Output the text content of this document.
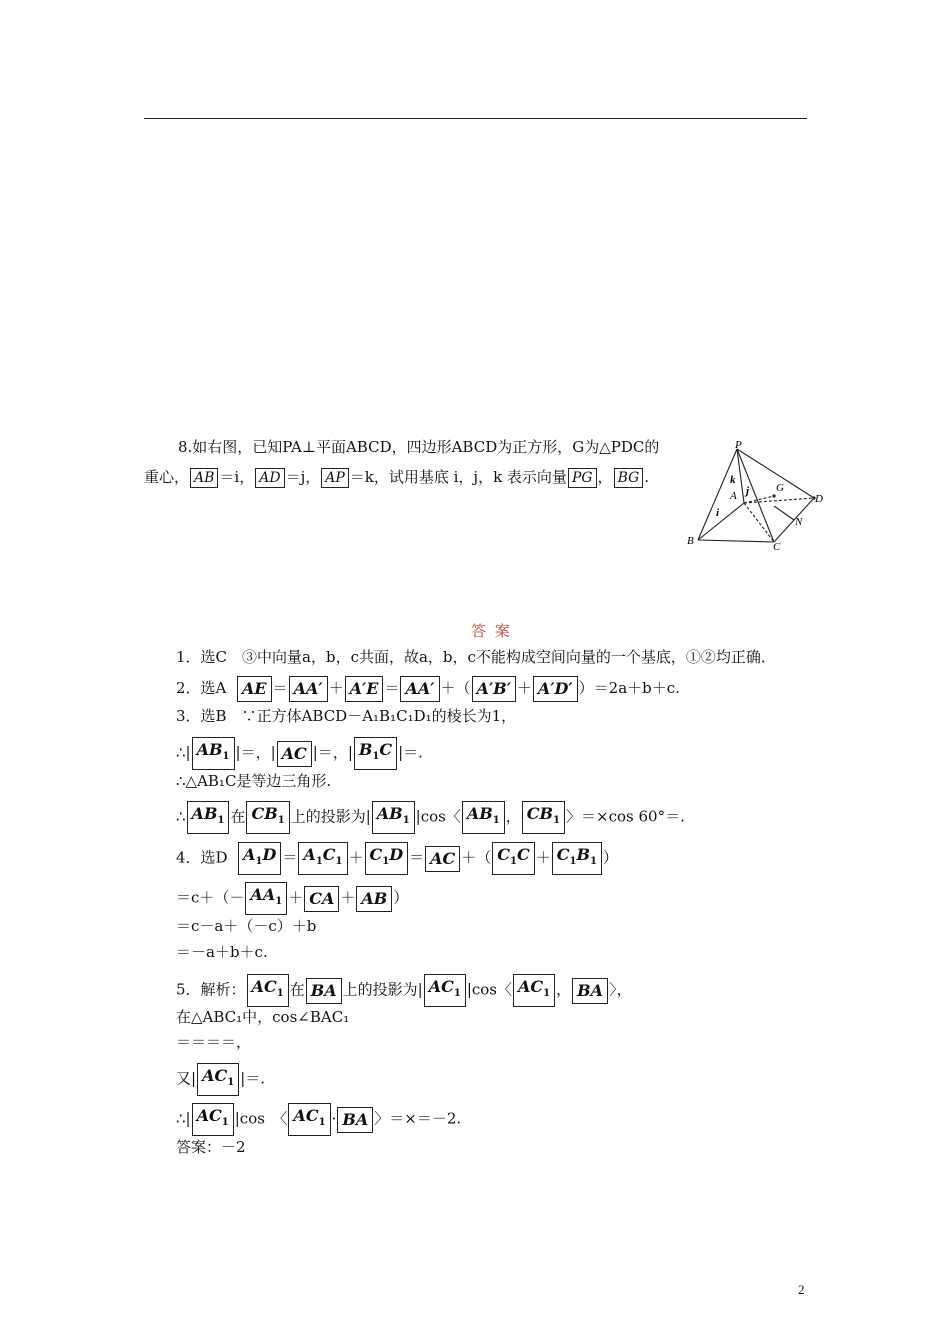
8.如右图，已知PA⊥平面ABCD，四边形ABCD为正方形，G为△PDC的
重心， AB ＝i， AD ＝j， AP ＝k，试用基底 i，j，k 表示向量 PG ， BG .
P
A
B	C
D
G
N
k
j
i
答 案
1．选C　③中向量a，b，c共面，故a，b，c不能构成空间向量的一个基底，①②均正确．
2．选A AE ＝ AA′ ＋ A′E ＝ AA′ ＋（ A′B′ ＋ A′D′ ）＝2a＋b＋c.
3．选B　∵正方体ABCD－A₁B₁C₁D₁的棱长为1，
∴| $AB_1$ |＝，| AC |＝，| $B_1C$ |＝.
∴△AB₁C是等边三角形.
∴ $AB_1$ 在 $CB_1$ 上的投影为| $AB_1$ |cos〈 $AB_1$ ， $CB_1$ 〉＝×cos 60°＝.
4．选D $A_1D = A_1C_1 + C_1D$ ＝ AC ＋（ $C_1C + C_1B_1$ ）
$=c+(- AA_1$ ＋ CA ＋ AB ）
＝c－a＋（－c）＋b
＝－a＋b＋c.
5．解析： $AC_1$ 在 BA 上的投影为| $AC_1$ |cos〈 $AC_1$ ， BA 〉，
在△ABC₁中，cos∠BAC₁
＝＝＝＝，
又| $AC_1$ |＝.
∴| $AC_1$ |cos　〈 $AC_1$ · BA 〉＝×＝－2.
答案：－2
2
